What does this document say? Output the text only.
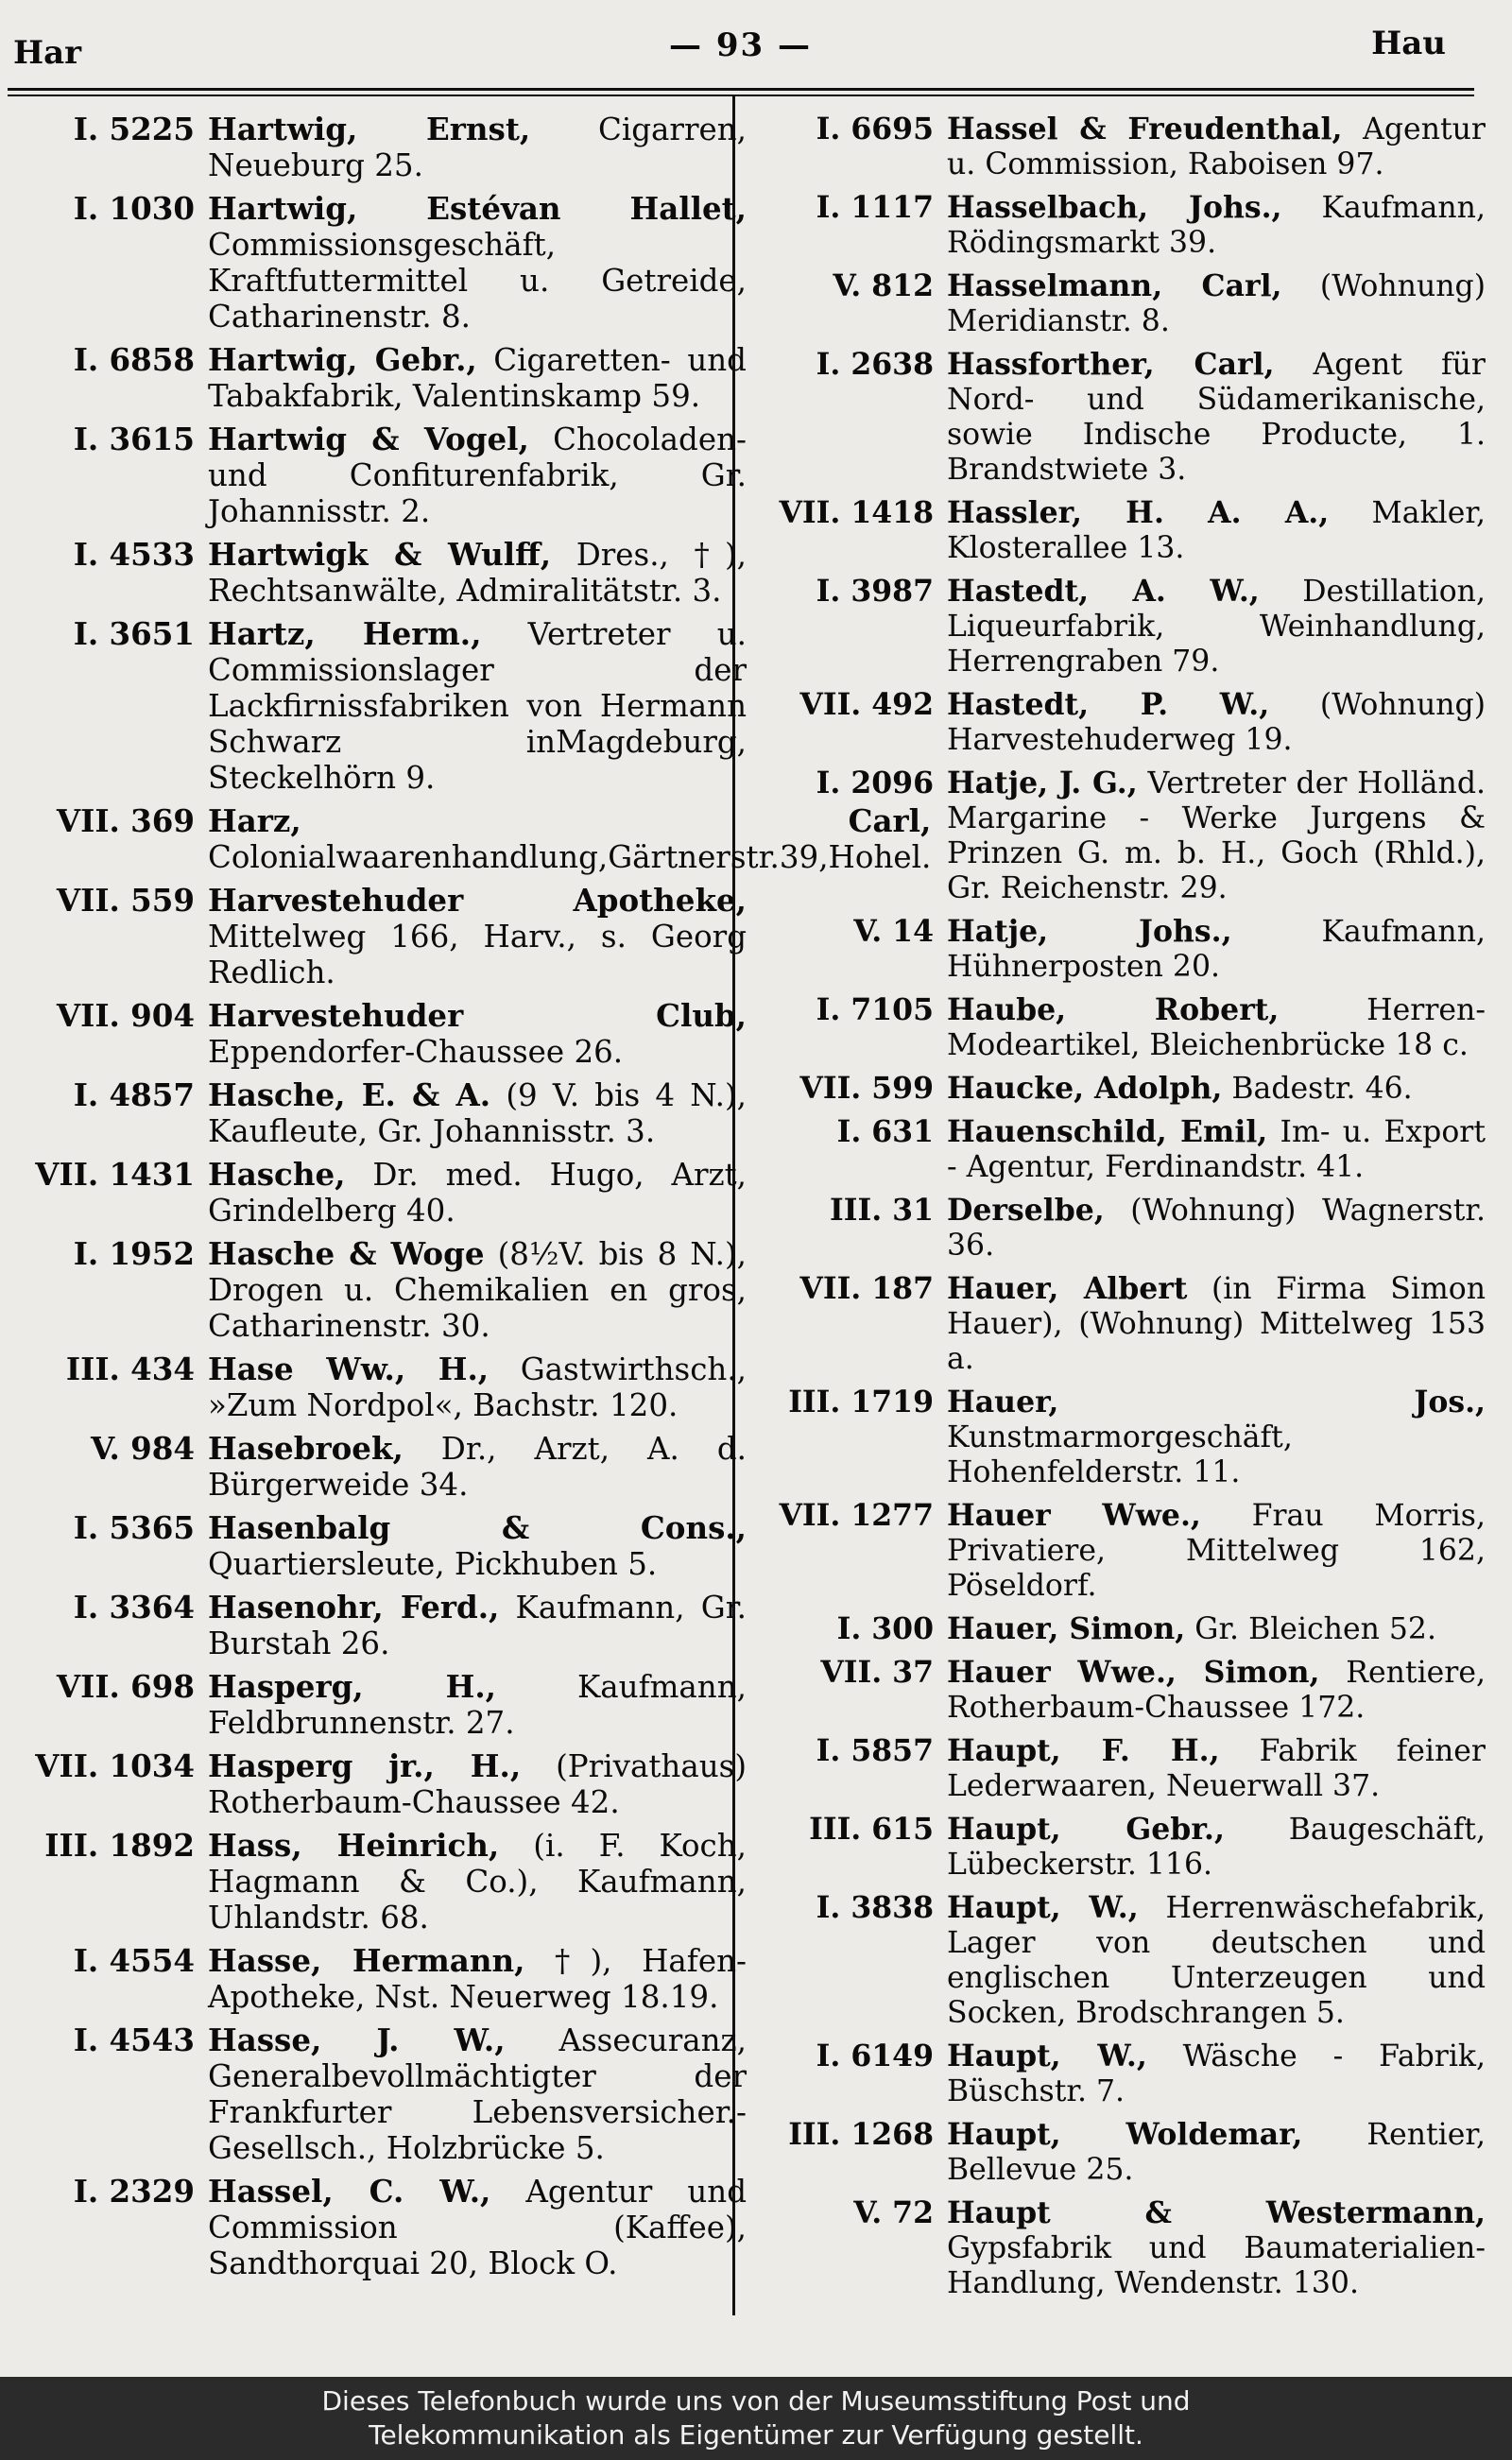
Har	— 93 —	Hau
I. 5225 Hartwig, Ernst, Cigarren, Neueburg 25.
I. 1030 Hartwig, Estévan Hallet, Commissionsgeschäft, Kraftfuttermittel u. Getreide, Catharinenstr. 8.
I. 6858 Hartwig, Gebr., Cigaretten- und Tabakfabrik, Valentinskamp 59.
I. 3615 Hartwig & Vogel, Chocoladen- und Confiturenfabrik, Gr. Johannisstr. 2.
I. 4533 Hartwigk & Wulff, Dres., †), Rechtsanwälte, Admiralitätstr. 3.
I. 3651 Hartz, Herm., Vertreter u. Commissionslager der Lackfirnissfabriken von Hermann Schwarz inMagdeburg, Steckelhörn 9.
VII. 369 Harz, Carl, Colonialwaarenhandlung,Gärtnerstr.39,Hohel.
VII. 559 Harvestehuder Apotheke, Mittelweg 166, Harv., s. Georg Redlich.
VII. 904 Harvestehuder Club, Eppendorfer-Chaussee 26.
I. 4857 Hasche, E. & A. (9 V. bis 4 N.), Kaufleute, Gr. Johannisstr. 3.
VII. 1431 Hasche, Dr. med. Hugo, Arzt, Grindelberg 40.
I. 1952 Hasche & Woge (8½V. bis 8 N.), Drogen u. Chemikalien en gros, Catharinenstr. 30.
III. 434 Hase Ww., H., Gastwirthsch., »Zum Nordpol«, Bachstr. 120.
V. 984 Hasebroek, Dr., Arzt, A. d. Bürgerweide 34.
I. 5365 Hasenbalg & Cons., Quartiersleute, Pickhuben 5.
I. 3364 Hasenohr, Ferd., Kaufmann, Gr. Burstah 26.
VII. 698 Hasperg, H., Kaufmann, Feldbrunnenstr. 27.
VII. 1034 Hasperg jr., H., (Privathaus) Rotherbaum-Chaussee 42.
III. 1892 Hass, Heinrich, (i. F. Koch, Hagmann & Co.), Kaufmann, Uhlandstr. 68.
I. 4554 Hasse, Hermann, †), Hafen-Apotheke, Nst. Neuerweg 18.19.
I. 4543 Hasse, J. W., Assecuranz, Generalbevollmächtigter der Frankfurter Lebensversicher.-Gesellsch., Holzbrücke 5.
I. 2329 Hassel, C. W., Agentur und Commission (Kaffee), Sandthorquai 20, Block O.
I. 6695 Hassel & Freudenthal, Agentur u. Commission, Raboisen 97.
I. 1117 Hasselbach, Johs., Kaufmann, Rödingsmarkt 39.
V. 812 Hasselmann, Carl, (Wohnung) Meridianstr. 8.
I. 2638 Hassforther, Carl, Agent für Nord- und Südamerikanische, sowie Indische Producte, 1. Brandstwiete 3.
VII. 1418 Hassler, H. A. A., Makler, Klosterallee 13.
I. 3987 Hastedt, A. W., Destillation, Liqueurfabrik, Weinhandlung, Herrengraben 79.
VII. 492 Hastedt, P. W., (Wohnung) Harvestehuderweg 19.
I. 2096 Hatje, J. G., Vertreter der Holländ. Margarine - Werke Jurgens & Prinzen G. m. b. H., Goch (Rhld.), Gr. Reichenstr. 29.
V. 14 Hatje, Johs., Kaufmann, Hühnerposten 20.
I. 7105 Haube, Robert, Herren-Modeartikel, Bleichenbrücke 18 c.
VII. 599 Haucke, Adolph, Badestr. 46.
I. 631 Hauenschild, Emil, Im- u. Export - Agentur, Ferdinandstr. 41.
III. 31 Derselbe, (Wohnung) Wagnerstr. 36.
VII. 187 Hauer, Albert (in Firma Simon Hauer), (Wohnung) Mittelweg 153 a.
III. 1719 Hauer, Jos., Kunstmarmorgeschäft, Hohenfelderstr. 11.
VII. 1277 Hauer Wwe., Frau Morris, Privatiere, Mittelweg 162, Pöseldorf.
I. 300 Hauer, Simon, Gr. Bleichen 52.
VII. 37 Hauer Wwe., Simon, Rentiere, Rotherbaum-Chaussee 172.
I. 5857 Haupt, F. H., Fabrik feiner Lederwaaren, Neuerwall 37.
III. 615 Haupt, Gebr., Baugeschäft, Lübeckerstr. 116.
I. 3838 Haupt, W., Herrenwäschefabrik, Lager von deutschen und englischen Unterzeugen und Socken, Brodschrangen 5.
I. 6149 Haupt, W., Wäsche - Fabrik, Büschstr. 7.
III. 1268 Haupt, Woldemar, Rentier, Bellevue 25.
V. 72 Haupt & Westermann, Gypsfabrik und Baumaterialien-Handlung, Wendenstr. 130.
Dieses Telefonbuch wurde uns von der Museumsstiftung Post und
Telekommunikation als Eigentümer zur Verfügung gestellt.
